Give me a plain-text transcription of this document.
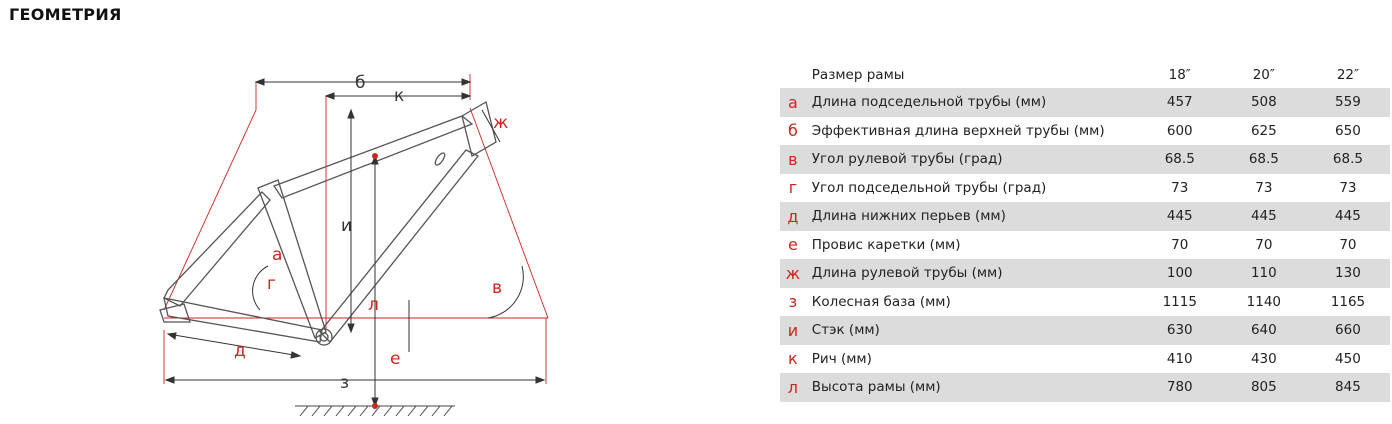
ГЕОМЕТРИЯ
а
б
к
в
г
д	е
ж
з
и
л
	Размер рамы	18″	20″	22″
а	Длина подседельной трубы (мм)	457	508	559
б	Эффективная длина верхней трубы (мм)	600	625	650
в	Угол рулевой трубы (град)	68.5	68.5	68.5
г	Угол подседельной трубы (град)	73	73	73
д	Длина нижних перьев (мм)	445	445	445
е	Провис каретки (мм)	70	70	70
ж	Длина рулевой трубы (мм)	100	110	130
з	Колесная база (мм)	1115	1140	1165
и	Стэк (мм)	630	640	660
к	Рич (мм)	410	430	450
л	Высота рамы (мм)	780	805	845
